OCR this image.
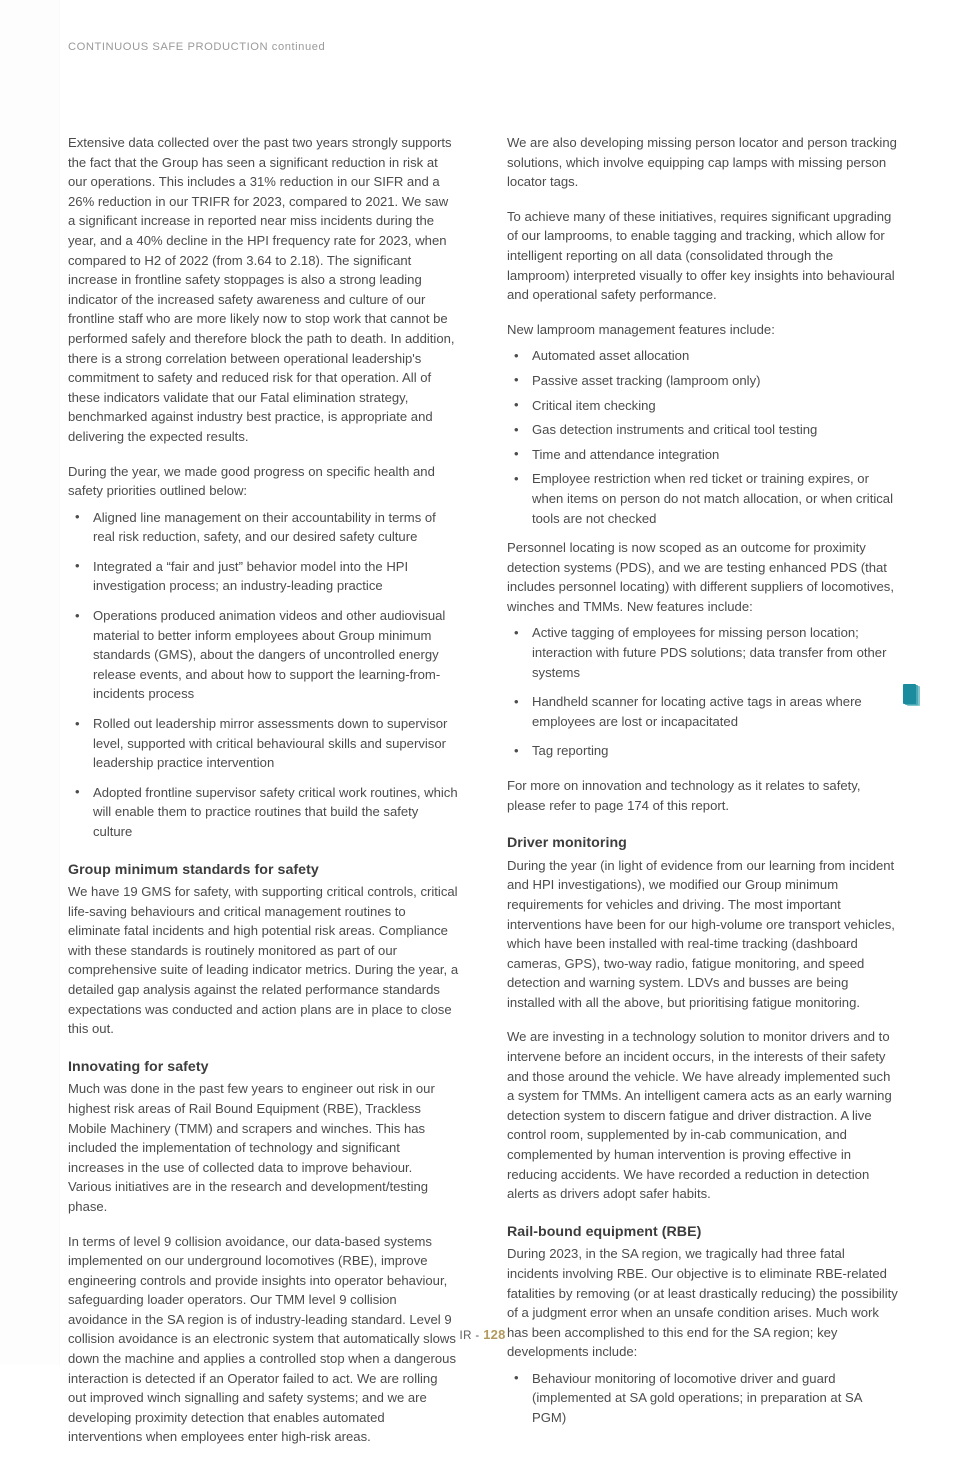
CONTINUOUS SAFE PRODUCTION continued

Extensive data collected over the past two years strongly supports the fact that the Group has seen a significant reduction in risk at our operations. This includes a 31% reduction in our SIFR and a 26% reduction in our TRIFR for 2023, compared to 2021. We saw a significant increase in reported near miss incidents during the year, and a 40% decline in the HPI frequency rate for 2023, when compared to H2 of 2022 (from 3.64 to 2.18). The significant increase in frontline safety stoppages is also a strong leading indicator of the increased safety awareness and culture of our frontline staff who are more likely now to stop work that cannot be performed safely and therefore block the path to death. In addition, there is a strong correlation between operational leadership's commitment to safety and reduced risk for that operation. All of these indicators validate that our Fatal elimination strategy, benchmarked against industry best practice, is appropriate and delivering the expected results.

During the year, we made good progress on specific health and safety priorities outlined below:

• Aligned line management on their accountability in terms of real risk reduction, safety, and our desired safety culture
• Integrated a “fair and just” behavior model into the HPI investigation process; an industry-leading practice
• Operations produced animation videos and other audiovisual material to better inform employees about Group minimum standards (GMS), about the dangers of uncontrolled energy release events, and about how to support the learning-from-incidents process
• Rolled out leadership mirror assessments down to supervisor level, supported with critical behavioural skills and supervisor leadership practice intervention
• Adopted frontline supervisor safety critical work routines, which will enable them to practice routines that build the safety culture
Group minimum standards for safety

We have 19 GMS for safety, with supporting critical controls, critical life-saving behaviours and critical management routines to eliminate fatal incidents and high potential risk areas. Compliance with these standards is routinely monitored as part of our comprehensive suite of leading indicator metrics. During the year, a detailed gap analysis against the related performance standards expectations was conducted and action plans are in place to close this out.

Innovating for safety

Much was done in the past few years to engineer out risk in our highest risk areas of Rail Bound Equipment (RBE), Trackless Mobile Machinery (TMM) and scrapers and winches. This has included the implementation of technology and significant increases in the use of collected data to improve behaviour. Various initiatives are in the research and development/testing phase.

In terms of level 9 collision avoidance, our data-based systems implemented on our underground locomotives (RBE), improve engineering controls and provide insights into operator behaviour, safeguarding loader operators. Our TMM level 9 collision avoidance in the SA region is of industry-leading standard. Level 9 collision avoidance is an electronic system that automatically slows down the machine and applies a controlled stop when a dangerous interaction is detected if an Operator failed to act. We are rolling out improved winch signalling and safety systems; and we are developing proximity detection that enables automated interventions when employees enter high-risk areas.

We are also developing missing person locator and person tracking solutions, which involve equipping cap lamps with missing person locator tags.

To achieve many of these initiatives, requires significant upgrading of our lamprooms, to enable tagging and tracking, which allow for intelligent reporting on all data (consolidated through the lamproom) interpreted visually to offer key insights into behavioural and operational safety performance.

New lamproom management features include:

• Automated asset allocation
• Passive asset tracking (lamproom only)
• Critical item checking
• Gas detection instruments and critical tool testing
• Time and attendance integration
• Employee restriction when red ticket or training expires, or when items on person do not match allocation, or when critical tools are not checked

Personnel locating is now scoped as an outcome for proximity detection systems (PDS), and we are testing enhanced PDS (that includes personnel locating) with different suppliers of locomotives, winches and TMMs. New features include:

• Active tagging of employees for missing person location; interaction with future PDS solutions; data transfer from other systems
• Handheld scanner for locating active tags in areas where employees are lost or incapacitated
• Tag reporting

For more on innovation and technology as it relates to safety, please refer to page 174 of this report.

Driver monitoring

During the year (in light of evidence from our learning from incident and HPI investigations), we modified our Group minimum requirements for vehicles and driving. The most important interventions have been for our high-volume ore transport vehicles, which have been installed with real-time tracking (dashboard cameras, GPS), two-way radio, fatigue monitoring, and speed detection and warning system. LDVs and busses are being installed with all the above, but prioritising fatigue monitoring.

We are investing in a technology solution to monitor drivers and to intervene before an incident occurs, in the interests of their safety and those around the vehicle. We have already implemented such a system for TMMs. An intelligent camera acts as an early warning detection system to discern fatigue and driver distraction. A live control room, supplemented by in-cab communication, and complemented by human intervention is proving effective in reducing accidents. We have recorded a reduction in detection alerts as drivers adopt safer habits.

Rail-bound equipment (RBE)

During 2023, in the SA region, we tragically had three fatal incidents involving RBE. Our objective is to eliminate RBE-related fatalities by removing (or at least drastically reducing) the possibility of a judgment error when an unsafe condition arises. Much work has been accomplished to this end for the SA region; key developments include:

• Behaviour monitoring of locomotive driver and guard (implemented at SA gold operations; in preparation at SA PGM)
IR - 128
